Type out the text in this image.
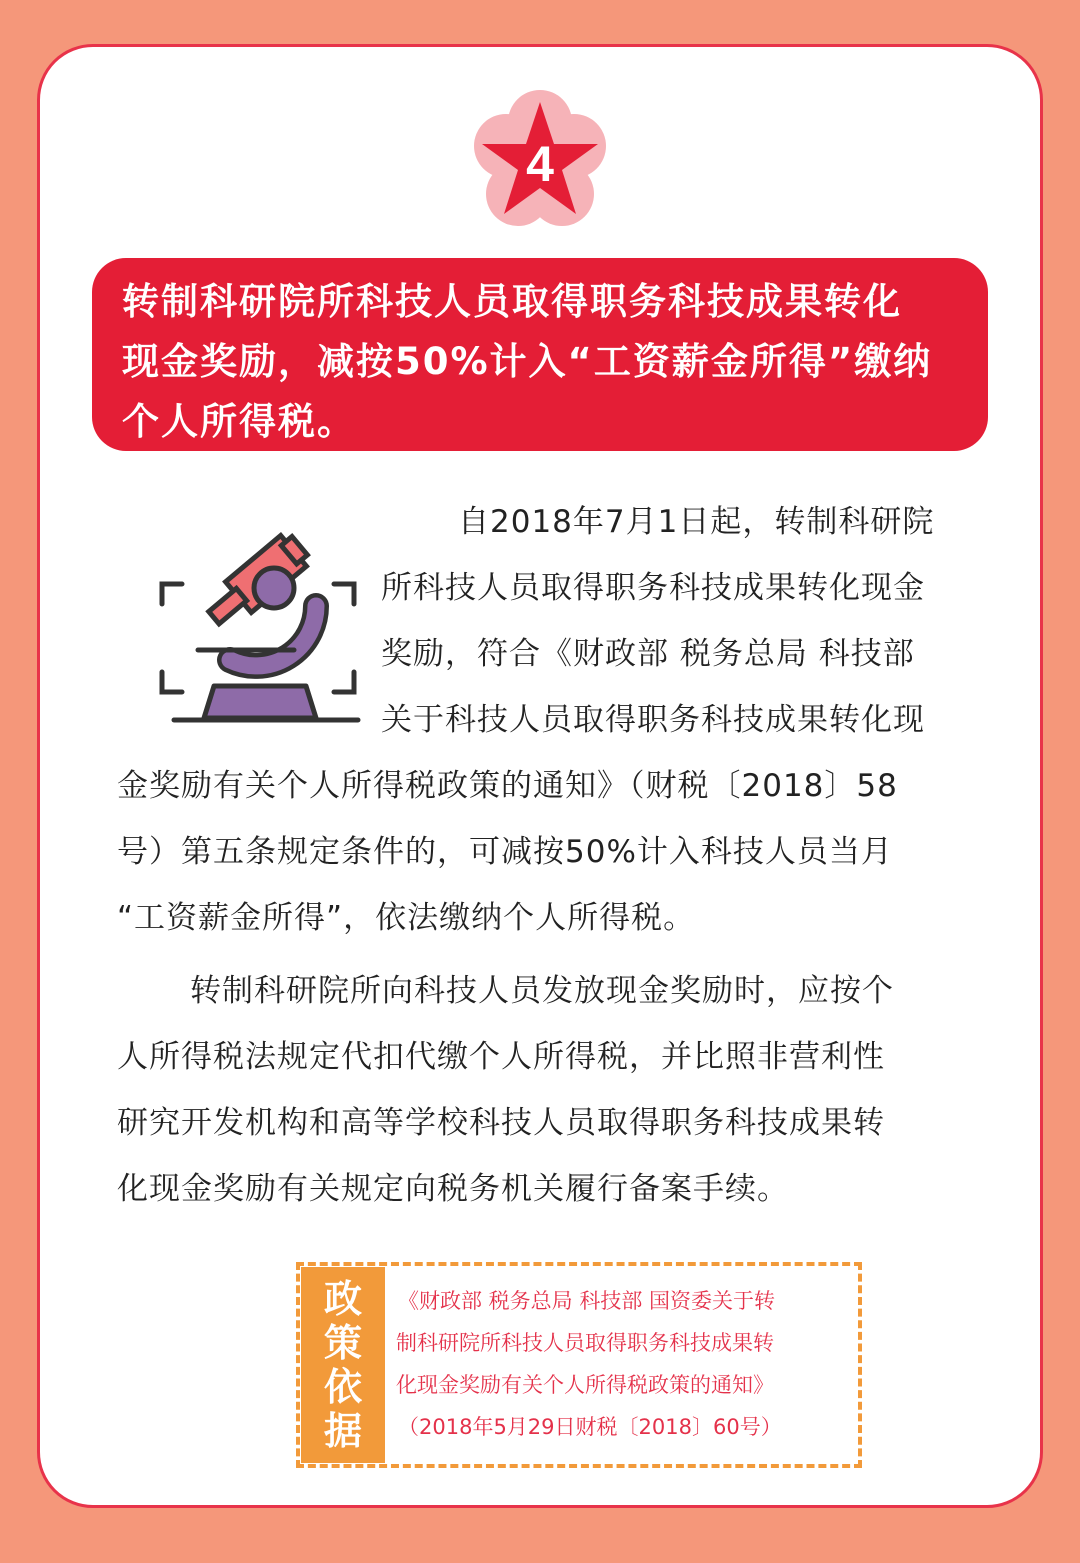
4
转制科研院所科技人员取得职务科技成果转化
现金奖励，减按50%计入“工资薪金所得”缴纳
个人所得税。
自2018年7月1日起，转制科研院
所科技人员取得职务科技成果转化现金
奖励，符合《财政部 税务总局 科技部
关于科技人员取得职务科技成果转化现
金奖励有关个人所得税政策的通知》（财税〔2018〕58
号）第五条规定条件的，可减按50%计入科技人员当月
“工资薪金所得”，依法缴纳个人所得税。
转制科研院所向科技人员发放现金奖励时，应按个
人所得税法规定代扣代缴个人所得税，并比照非营利性
研究开发机构和高等学校科技人员取得职务科技成果转
化现金奖励有关规定向税务机关履行备案手续。
政
策
依
据
《财政部 税务总局 科技部 国资委关于转
制科研院所科技人员取得职务科技成果转
化现金奖励有关个人所得税政策的通知》
（2018年5月29日财税〔2018〕60号）
